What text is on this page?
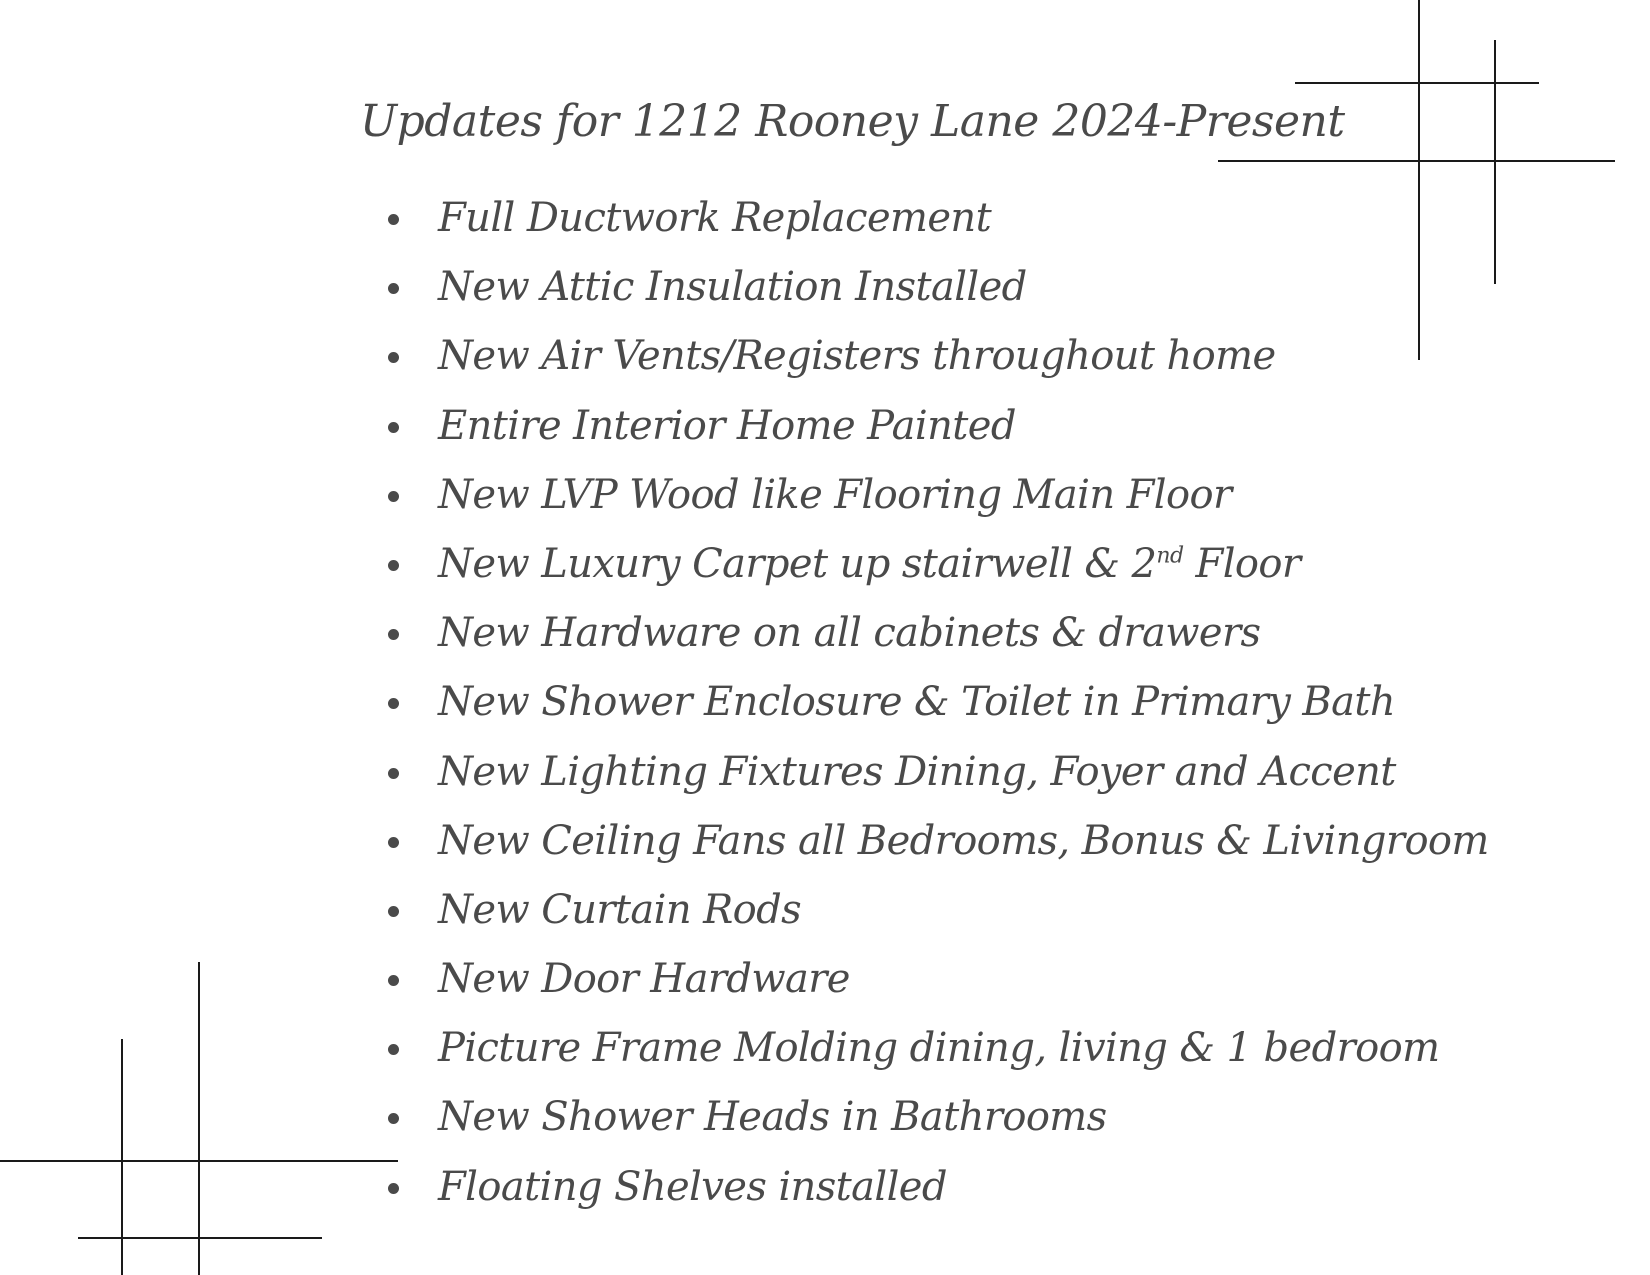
Updates for 1212 Rooney Lane 2024-Present
Full Ductwork Replacement
New Attic Insulation Installed
New Air Vents/Registers throughout home
Entire Interior Home Painted
New LVP Wood like Flooring Main Floor
New Luxury Carpet up stairwell & 2nd Floor
New Hardware on all cabinets & drawers
New Shower Enclosure & Toilet in Primary Bath
New Lighting Fixtures Dining, Foyer and Accent
New Ceiling Fans all Bedrooms, Bonus & Livingroom
New Curtain Rods
New Door Hardware
Picture Frame Molding dining, living & 1 bedroom
New Shower Heads in Bathrooms
Floating Shelves installed
